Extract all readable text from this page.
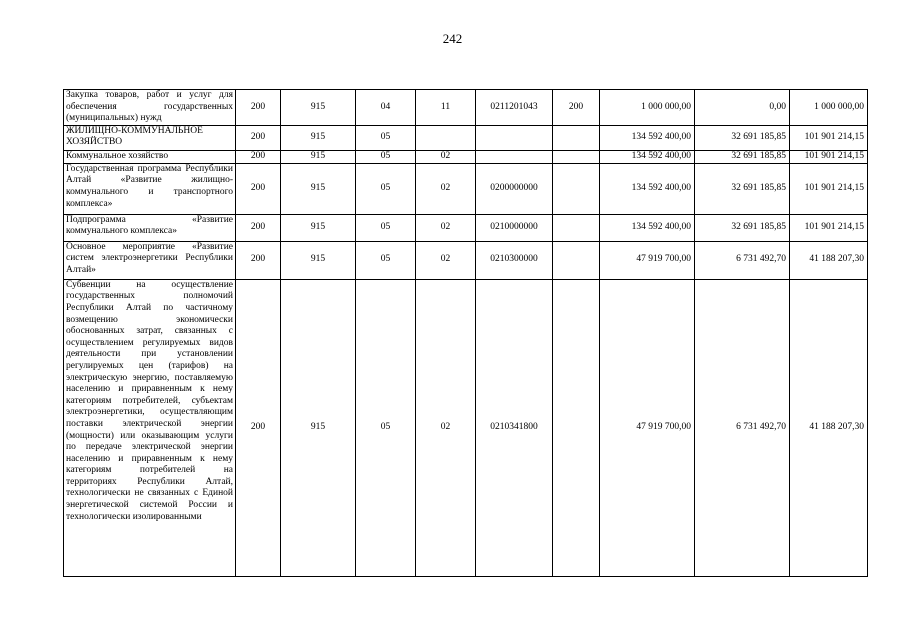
242
Закупка товаров, работ и услуг для обеспечения государственных (муниципальных) нужд	200	915	04	11	0211201043	200	1 000 000,00	0,00	1 000 000,00
ЖИЛИЩНО-КОММУНАЛЬНОЕ ХОЗЯЙСТВО	200	915	05				134 592 400,00	32 691 185,85	101 901 214,15
Коммунальное хозяйство	200	915	05	02			134 592 400,00	32 691 185,85	101 901 214,15
Государственная программа Республики Алтай «Развитие жилищно-коммунального и транспортного комплекса»	200	915	05	02	0200000000		134 592 400,00	32 691 185,85	101 901 214,15
Подпрограмма «Развитие коммунального комплекса»	200	915	05	02	0210000000		134 592 400,00	32 691 185,85	101 901 214,15
Основное мероприятие «Развитие систем электроэнергетики Республики Алтай»	200	915	05	02	0210300000		47 919 700,00	6 731 492,70	41 188 207,30
Субвенции на осуществление государственных полномочий Республики Алтай по частичному возмещению экономически обоснованных затрат, связанных с осуществлением регулируемых видов деятельности при установлении регулируемых цен (тарифов) на электрическую энергию, поставляемую населению и приравненным к нему категориям потребителей, субъектам электроэнергетики, осуществляющим поставки электрической энергии (мощности) или оказывающим услуги по передаче электрической энергии населению и приравненным к нему категориям потребителей на территориях Республики Алтай, технологически не связанных с Единой энергетической системой России и технологически изолированными	200	915	05	02	0210341800		47 919 700,00	6 731 492,70	41 188 207,30
